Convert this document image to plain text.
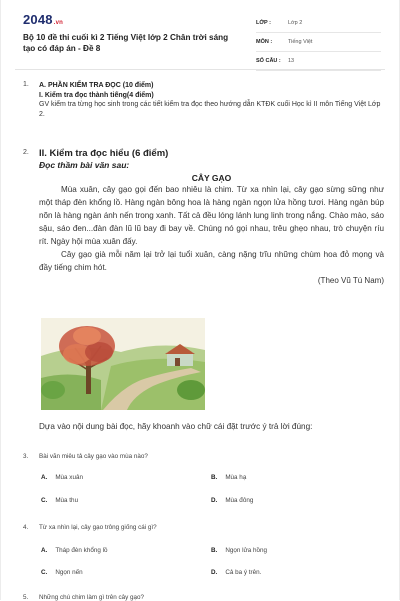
2048.vn
Bộ 10 đề thi cuối kì 2 Tiếng Việt lớp 2 Chân trời sáng tạo có đáp án - Đề 8
LỚP :	Lớp 2
MÔN :	Tiếng Việt
SỐ CÂU :	13
1. A. PHẦN KIỂM TRA ĐỌC (10 điểm)
I. Kiểm tra đọc thành tiếng(4 điểm)
GV kiểm tra từng học sinh trong các tiết kiểm tra đọc theo hướng dẫn KTĐK cuối Học kì II môn Tiếng Việt Lớp 2.
2. II. Kiểm tra đọc hiểu (6 điểm)
Đọc thầm bài văn sau:
CÂY GẠO
Mùa xuân, cây gạo gọi đến bao nhiêu là chim. Từ xa nhìn lại, cây gạo sừng sững như một tháp đèn khổng lồ. Hàng ngàn bông hoa là hàng ngàn ngọn lửa hồng tươi. Hàng ngàn búp nõn là hàng ngàn ánh nến trong xanh. Tất cả đều lóng lánh lung linh trong nắng. Chào mào, sáo sậu, sáo đen...đàn đàn lũ lũ bay đi bay về. Chúng nó gọi nhau, trêu ghẹo nhau, trò chuyện ríu rít. Ngày hội mùa xuân đấy.
Cây gạo già mỗi năm lại trở lại tuổi xuân, càng nặng trĩu những chùm hoa đỏ mọng và đầy tiếng chim hót.
(Theo Vũ Tú Nam)
Dựa vào nội dung bài đọc, hãy khoanh vào chữ cái đặt trước ý trả lời đúng:
3. Bài văn miêu tả cây gạo vào mùa nào?
A. Mùa xuân	B. Mùa hạ
C. Mùa thu	D. Mùa đông
4. Từ xa nhìn lại, cây gạo trông giống cái gì?
A. Tháp đèn khổng lồ	B. Ngọn lửa hồng
C. Ngọn nến	D. Cả ba ý trên.
5. Những chú chim làm gì trên cây gạo?
